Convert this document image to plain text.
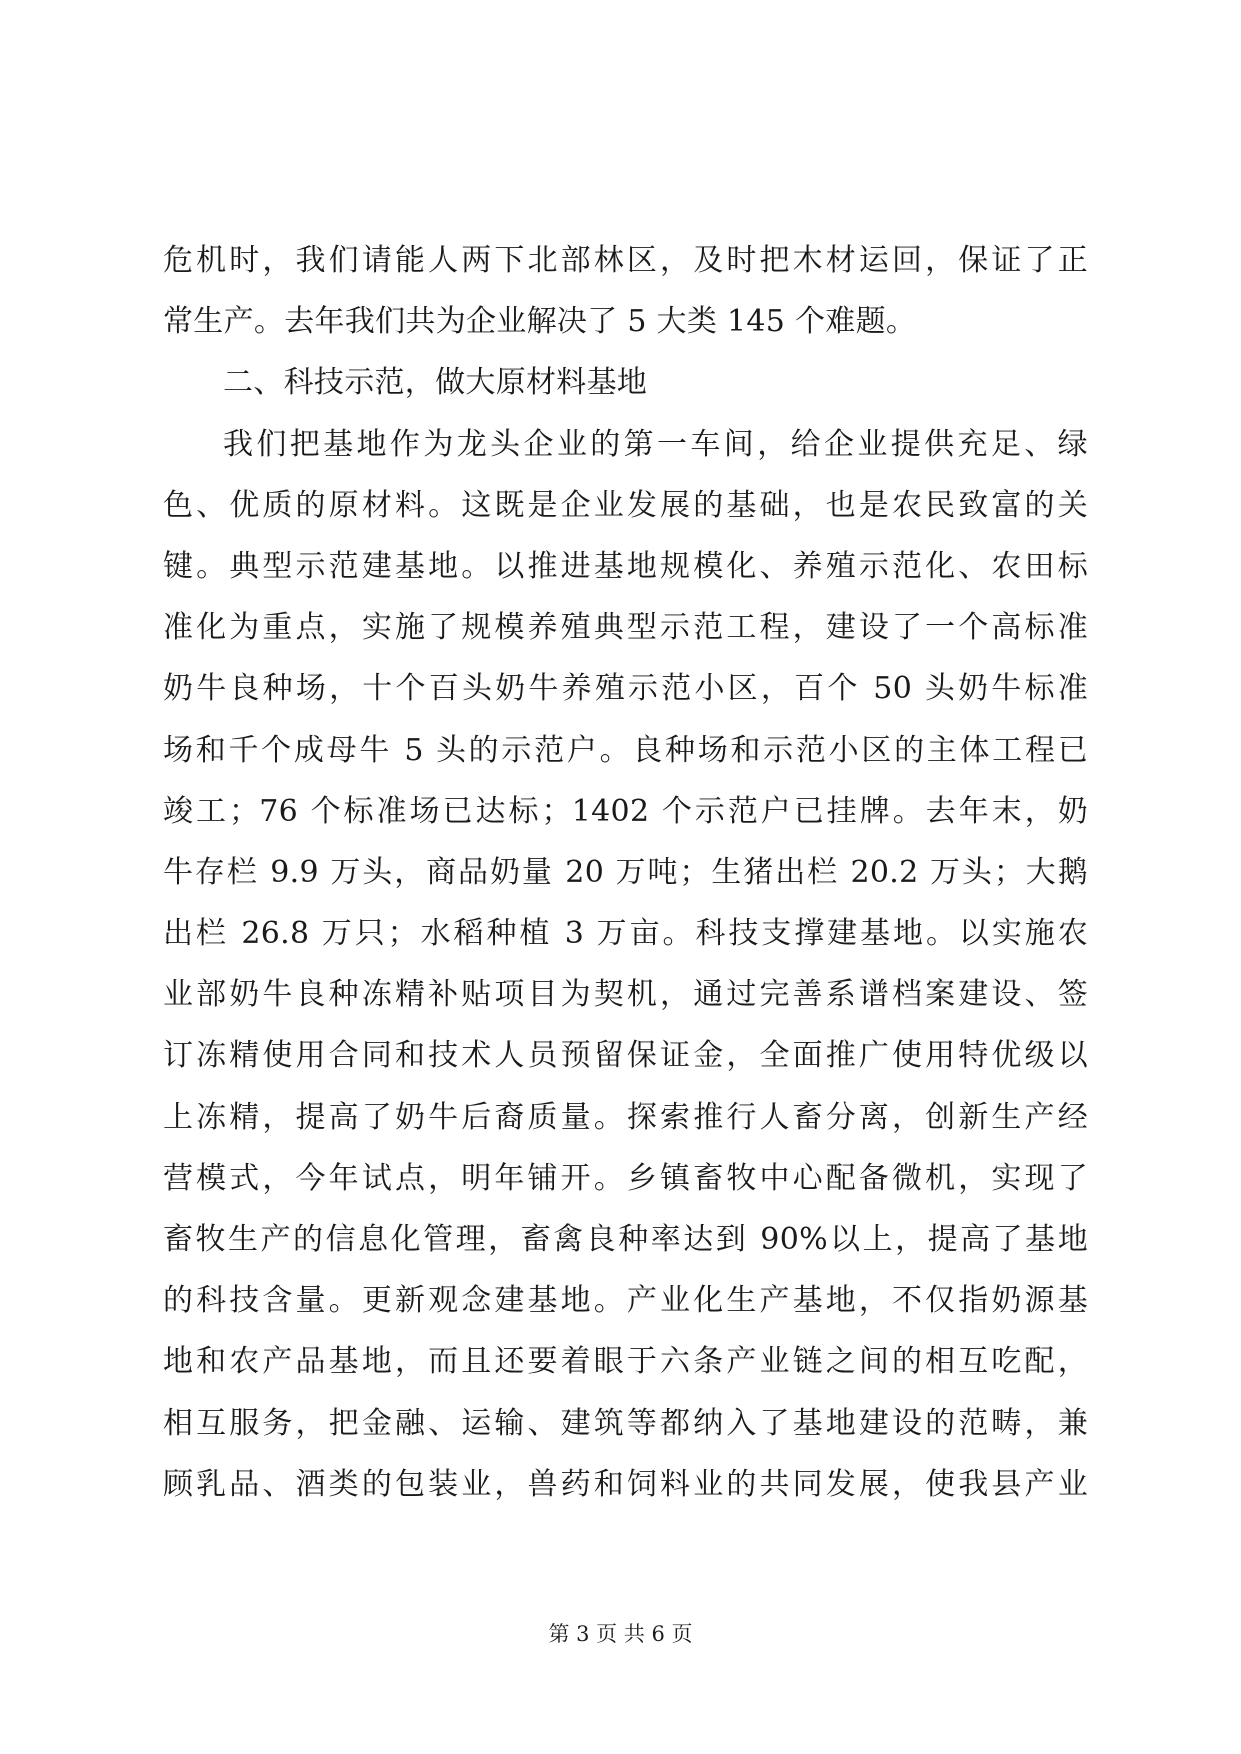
危机时，我们请能人两下北部林区，及时把木材运回，保证了正
常生产。去年我们共为企业解决了 5 大类 145 个难题。
二、科技示范，做大原材料基地
我们把基地作为龙头企业的第一车间，给企业提供充足、绿
色、优质的原材料。这既是企业发展的基础，也是农民致富的关
键。典型示范建基地。以推进基地规模化、养殖示范化、农田标
准化为重点，实施了规模养殖典型示范工程，建设了一个高标准
奶牛良种场，十个百头奶牛养殖示范小区，百个 50 头奶牛标准
场和千个成母牛 5 头的示范户。良种场和示范小区的主体工程已
竣工；76 个标准场已达标；1402 个示范户已挂牌。去年末，奶
牛存栏 9.9 万头，商品奶量 20 万吨；生猪出栏 20.2 万头；大鹅
出栏 26.8 万只；水稻种植 3 万亩。科技支撑建基地。以实施农
业部奶牛良种冻精补贴项目为契机，通过完善系谱档案建设、签
订冻精使用合同和技术人员预留保证金，全面推广使用特优级以
上冻精，提高了奶牛后裔质量。探索推行人畜分离，创新生产经
营模式，今年试点，明年铺开。乡镇畜牧中心配备微机，实现了
畜牧生产的信息化管理，畜禽良种率达到 90%以上，提高了基地
的科技含量。更新观念建基地。产业化生产基地，不仅指奶源基
地和农产品基地，而且还要着眼于六条产业链之间的相互吃配，
相互服务，把金融、运输、建筑等都纳入了基地建设的范畴，兼
顾乳品、酒类的包装业，兽药和饲料业的共同发展，使我县产业
第 3 页 共 6 页
